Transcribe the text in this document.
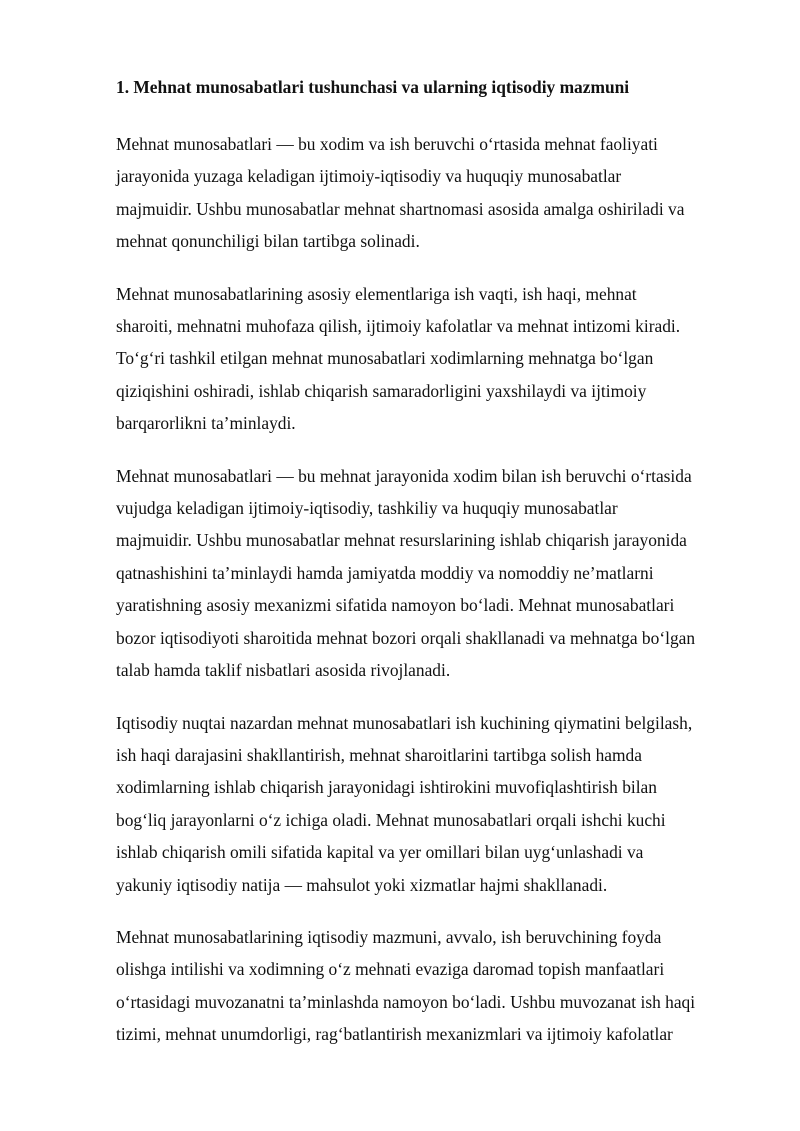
1. Mehnat munosabatlari tushunchasi va ularning iqtisodiy mazmuni
Mehnat munosabatlari — bu xodim va ish beruvchi o‘rtasida mehnat faoliyati
jarayonida yuzaga keladigan ijtimoiy-iqtisodiy va huquqiy munosabatlar
majmuidir. Ushbu munosabatlar mehnat shartnomasi asosida amalga oshiriladi va
mehnat qonunchiligi bilan tartibga solinadi.
Mehnat munosabatlarining asosiy elementlariga ish vaqti, ish haqi, mehnat
sharoiti, mehnatni muhofaza qilish, ijtimoiy kafolatlar va mehnat intizomi kiradi.
To‘g‘ri tashkil etilgan mehnat munosabatlari xodimlarning mehnatga bo‘lgan
qiziqishini oshiradi, ishlab chiqarish samaradorligini yaxshilaydi va ijtimoiy
barqarorlikni ta’minlaydi.
Mehnat munosabatlari — bu mehnat jarayonida xodim bilan ish beruvchi o‘rtasida
vujudga keladigan ijtimoiy-iqtisodiy, tashkiliy va huquqiy munosabatlar
majmuidir. Ushbu munosabatlar mehnat resurslarining ishlab chiqarish jarayonida
qatnashishini ta’minlaydi hamda jamiyatda moddiy va nomoddiy ne’matlarni
yaratishning asosiy mexanizmi sifatida namoyon bo‘ladi. Mehnat munosabatlari
bozor iqtisodiyoti sharoitida mehnat bozori orqali shakllanadi va mehnatga bo‘lgan
talab hamda taklif nisbatlari asosida rivojlanadi.
Iqtisodiy nuqtai nazardan mehnat munosabatlari ish kuchining qiymatini belgilash,
ish haqi darajasini shakllantirish, mehnat sharoitlarini tartibga solish hamda
xodimlarning ishlab chiqarish jarayonidagi ishtirokini muvofiqlashtirish bilan
bog‘liq jarayonlarni o‘z ichiga oladi. Mehnat munosabatlari orqali ishchi kuchi
ishlab chiqarish omili sifatida kapital va yer omillari bilan uyg‘unlashadi va
yakuniy iqtisodiy natija — mahsulot yoki xizmatlar hajmi shakllanadi.
Mehnat munosabatlarining iqtisodiy mazmuni, avvalo, ish beruvchining foyda
olishga intilishi va xodimning o‘z mehnati evaziga daromad topish manfaatlari
o‘rtasidagi muvozanatni ta’minlashda namoyon bo‘ladi. Ushbu muvozanat ish haqi
tizimi, mehnat unumdorligi, rag‘batlantirish mexanizmlari va ijtimoiy kafolatlar
